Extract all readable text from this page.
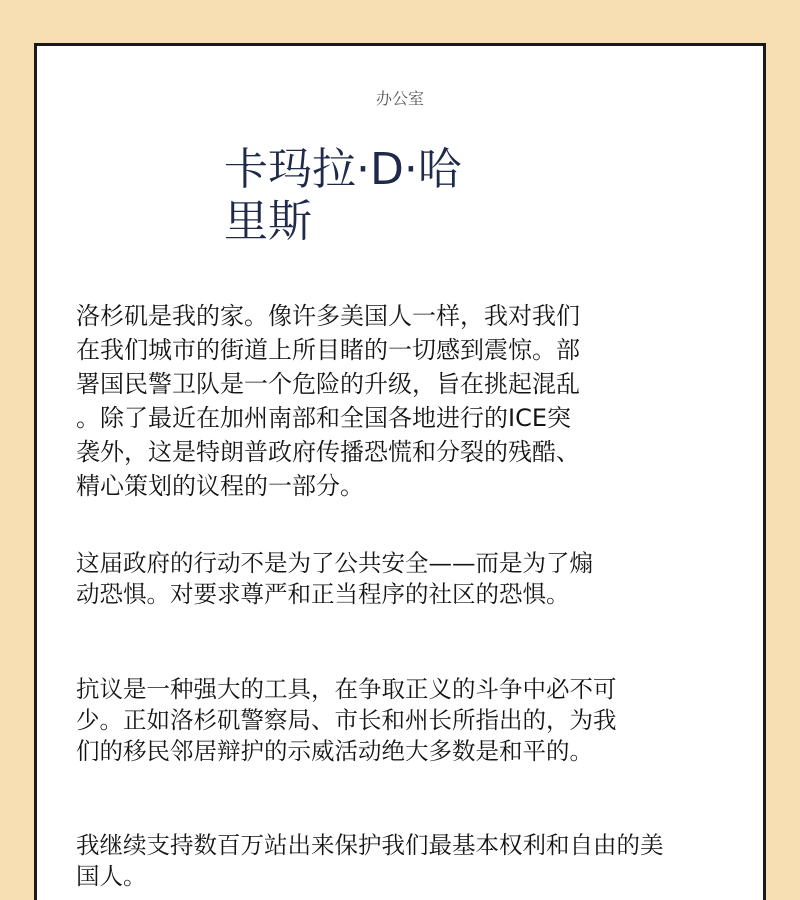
办公室
卡玛拉·D·哈
里斯

洛杉矶是我的家。像许多美国人一样，我对我们
在我们城市的街道上所目睹的一切感到震惊。部
署国民警卫队是一个危险的升级，旨在挑起混乱
。除了最近在加州南部和全国各地进行的ICE突
袭外，这是特朗普政府传播恐慌和分裂的残酷、
精心策划的议程的一部分。

这届政府的行动不是为了公共安全——而是为了煽
动恐惧。对要求尊严和正当程序的社区的恐惧。

抗议是一种强大的工具，在争取正义的斗争中必不可
少。正如洛杉矶警察局、市长和州长所指出的，为我
们的移民邻居辩护的示威活动绝大多数是和平的。

我继续支持数百万站出来保护我们最基本权利和自由的美
国人。
